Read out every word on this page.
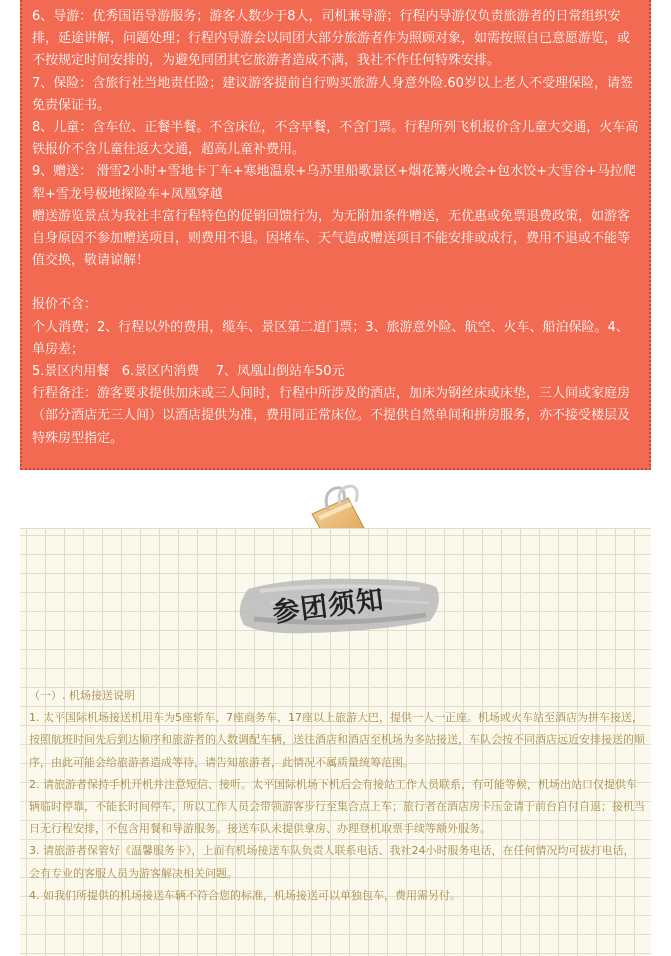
6、导游：优秀国语导游服务；游客人数少于8人，司机兼导游；行程内导游仅负责旅游者的日常组织安排，延途讲解，问题处理；行程内导游会以同团大部分旅游者作为照顾对象，如需按照自已意愿游览，或不按规定时间安排的，为避免同团其它旅游者造成不满，我社不作任何特殊安排。

7、保险：含旅行社当地责任险；建议游客提前自行购买旅游人身意外险.60岁以上老人不受理保险，请签免责保证书。

8、儿童：含车位、正餐半餐。不含床位，不含早餐，不含门票。行程所列飞机报价含儿童大交通，火车高铁报价不含儿童往返大交通，超高儿童补费用。

9、赠送： 滑雪2小时+雪地卡丁车+寒地温泉+乌苏里船歌景区+烟花篝火晚会+包水饺+大雪谷+马拉爬犁+雪龙号极地探险车+凤凰穿越

赠送游览景点为我社丰富行程特色的促销回馈行为，为无附加条件赠送，无优惠或免票退费政策，如游客自身原因不参加赠送项目，则费用不退。因堵车、天气造成赠送项目不能安排或成行，费用不退或不能等值交换，敬请谅解！

报价不含：

个人消费；2、行程以外的费用，缆车、景区第二道门票；3、旅游意外险、航空、火车、船泊保险。4、单房差；

5.景区内用餐   6.景区内消费    7、凤凰山倒站车50元

行程备注：游客要求提供加床或三人间时，行程中所涉及的酒店，加床为钢丝床或床垫，三人间或家庭房（部分酒店无三人间）以酒店提供为准，费用同正常床位。不提供自然单间和拼房服务，亦不接受楼层及特殊房型指定。

参团须知

（一）. 机场接送说明

1. 太平国际机场接送机用车为5座轿车、7座商务车、17座以上旅游大巴，提供一人一正座。机场或火车站至酒店为拼车接送，按照航班时间先后到达顺序和旅游者的人数调配车辆，送往酒店和酒店至机场为多站接送，车队会按不同酒店远近安排接送的顺序，由此可能会给旅游者造成等待，请告知旅游者，此情况不属质量统筹范围。

2. 请旅游者保持手机开机并注意短信、接听。太平国际机场下机后会有接站工作人员联系，有可能等候，机场出站口仅提供车辆临时停靠，不能长时间停车，所以工作人员会带领游客步行至集合点上车；旅行者在酒店房卡压金请于前台自付自退；接机当日无行程安排，不包含用餐和导游服务。接送车队未提供拿房、办理登机取票手续等额外服务。

3. 请旅游者保管好《温馨服务卡》，上面有机场接送车队负责人联系电话、我社24小时服务电话，在任何情况均可拔打电话，会有专业的客服人员为游客解决相关问题。

4. 如我们所提供的机场接送车辆不符合您的标准，机场接送可以单独包车，费用需另付。
